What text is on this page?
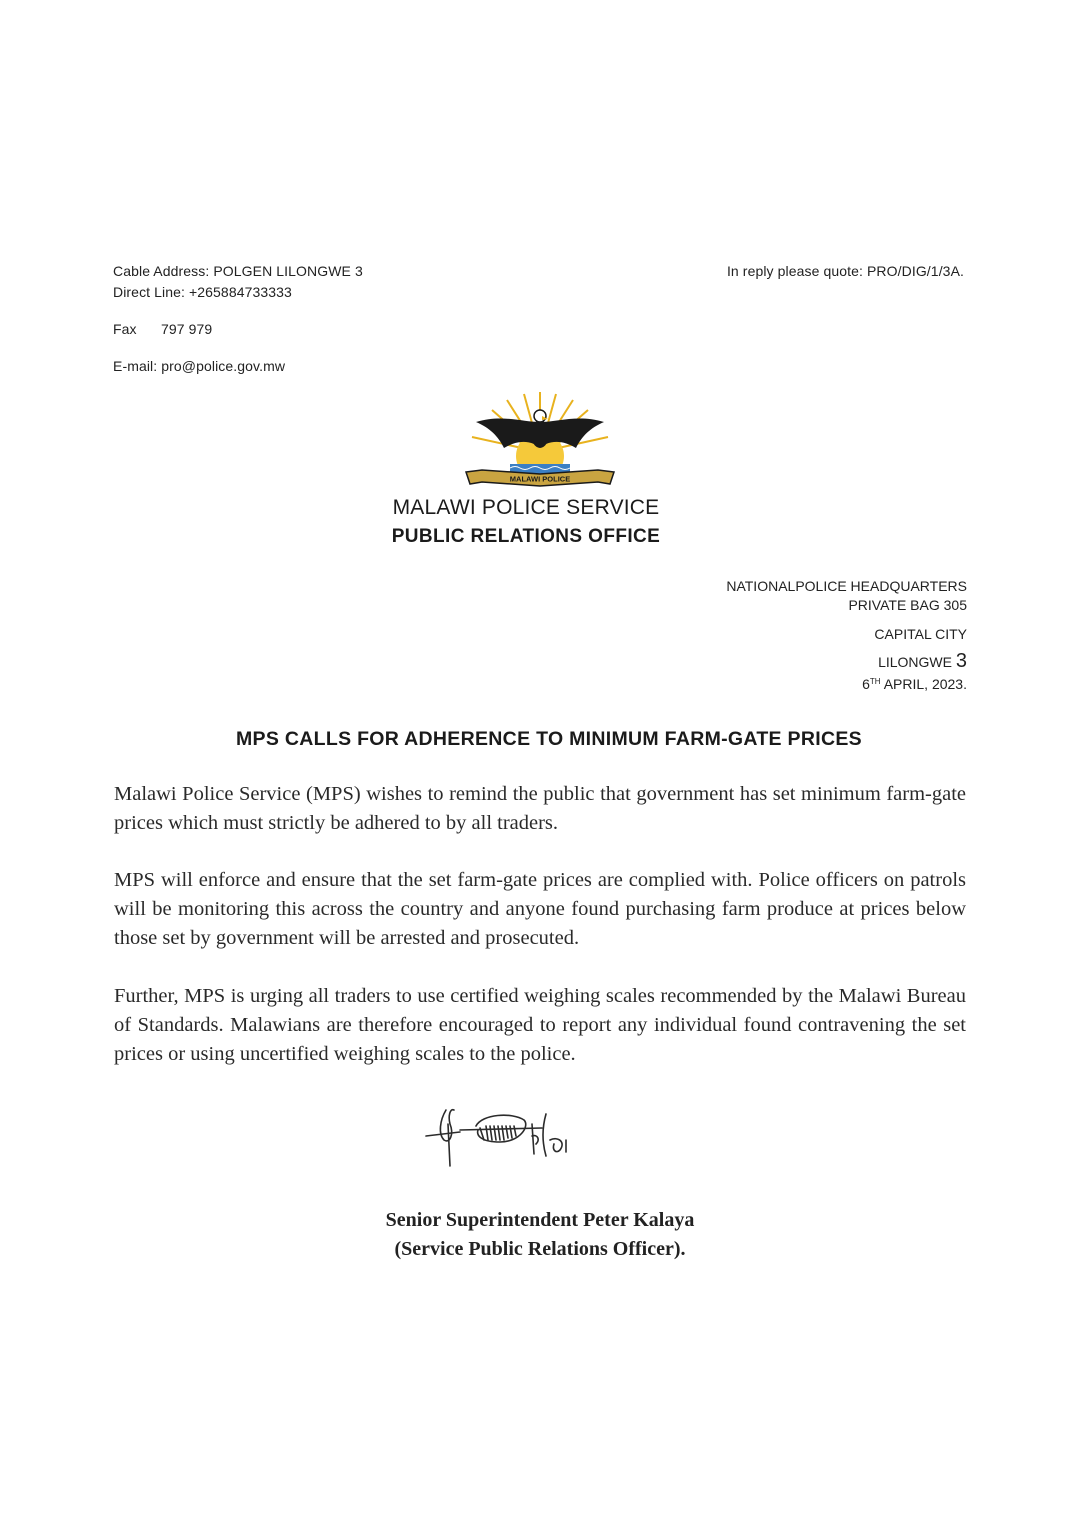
Cable Address: POLGEN LILONGWE 3
Direct Line: +265884733333
Fax 797 979
E-mail: pro@police.gov.mw
In reply please quote: PRO/DIG/1/3A.
MALAWI POLICE
MALAWI POLICE SERVICE
PUBLIC RELATIONS OFFICE
NATIONALPOLICE HEADQUARTERS
PRIVATE BAG 305
CAPITAL CITY
LILONGWE 3
6TH APRIL, 2023.
MPS CALLS FOR ADHERENCE TO MINIMUM FARM-GATE PRICES
Malawi Police Service (MPS) wishes to remind the public that government has set minimum farm-gate prices which must strictly be adhered to by all traders.
MPS will enforce and ensure that the set farm-gate prices are complied with. Police officers on patrols will be monitoring this across the country and anyone found purchasing farm produce at prices below those set by government will be arrested and prosecuted.
Further, MPS is urging all traders to use certified weighing scales recommended by the Malawi Bureau of Standards. Malawians are therefore encouraged to report any individual found contravening the set prices or using uncertified weighing scales to the police.
Senior Superintendent Peter Kalaya
(Service Public Relations Officer).
